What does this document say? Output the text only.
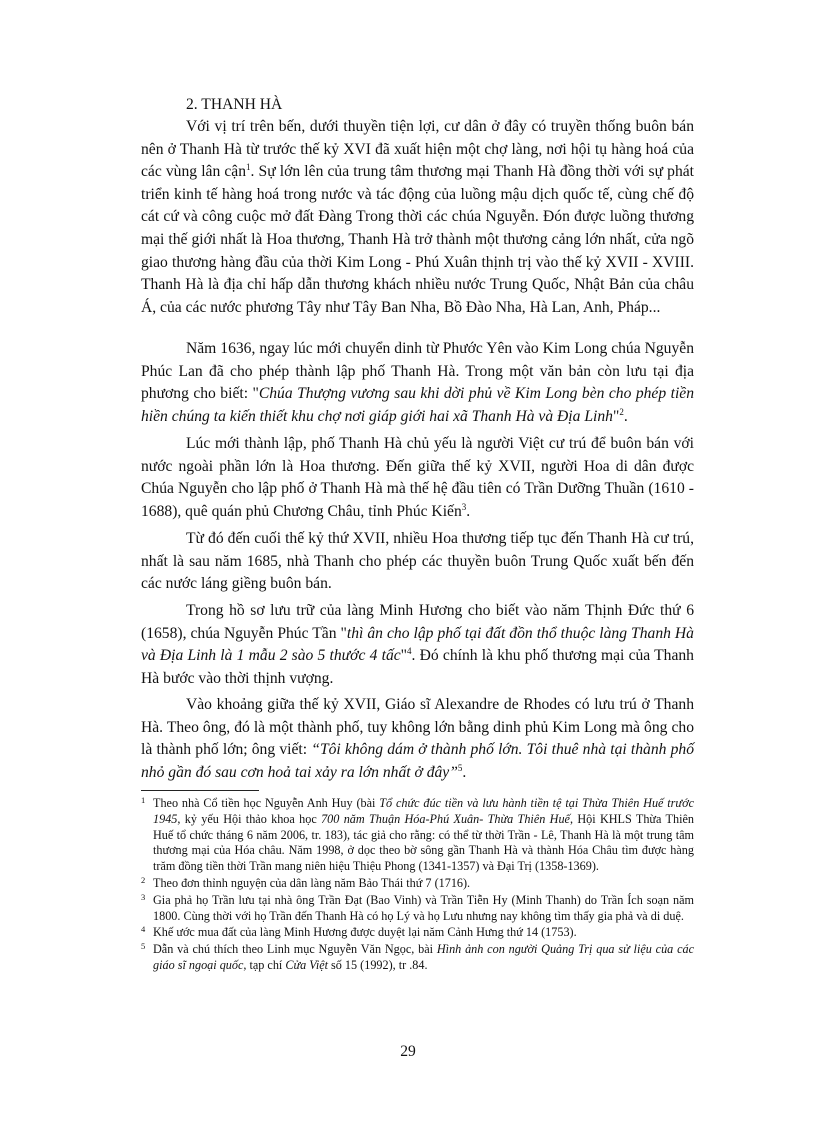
2. THANH HÀ

Với vị trí trên bến, dưới thuyền tiện lợi, cư dân ở đây có truyền thống buôn bán nên ở Thanh Hà từ trước thế kỷ XVI đã xuất hiện một chợ làng, nơi hội tụ hàng hoá của các vùng lân cận$^1$. Sự lớn lên của trung tâm thương mại Thanh Hà đồng thời với sự phát triển kinh tế hàng hoá trong nước và tác động của luồng mậu dịch quốc tế, cùng chế độ cát cứ và công cuộc mở đất Đàng Trong thời các chúa Nguyễn. Đón được luồng thương mại thế giới nhất là Hoa thương, Thanh Hà trở thành một thương cảng lớn nhất, cửa ngõ giao thương hàng đầu của thời Kim Long - Phú Xuân thịnh trị vào thế kỷ XVII - XVIII. Thanh Hà là địa chỉ hấp dẫn thương khách nhiều nước Trung Quốc, Nhật Bản của châu Á, của các nước phương Tây như Tây Ban Nha, Bồ Đào Nha, Hà Lan, Anh, Pháp...

Năm 1636, ngay lúc mới chuyển dinh từ Phước Yên vào Kim Long chúa Nguyễn Phúc Lan đã cho phép thành lập phố Thanh Hà. Trong một văn bản còn lưu tại địa phương cho biết: "Chúa Thượng vương sau khi dời phủ về Kim Long bèn cho phép tiền hiền chúng ta kiến thiết khu chợ nơi giáp giới hai xã Thanh Hà và Địa Linh"$^2$.

Lúc mới thành lập, phố Thanh Hà chủ yếu là người Việt cư trú để buôn bán với nước ngoài phần lớn là Hoa thương. Đến giữa thế kỷ XVII, người Hoa di dân được Chúa Nguyễn cho lập phố ở Thanh Hà mà thế hệ đầu tiên có Trần Dưỡng Thuần (1610 - 1688), quê quán phủ Chương Châu, tỉnh Phúc Kiến$^3$.

Từ đó đến cuối thế kỷ thứ XVII, nhiều Hoa thương tiếp tục đến Thanh Hà cư trú, nhất là sau năm 1685, nhà Thanh cho phép các thuyền buôn Trung Quốc xuất bến đến các nước láng giềng buôn bán.

Trong hồ sơ lưu trữ của làng Minh Hương cho biết vào năm Thịnh Đức thứ 6 (1658), chúa Nguyễn Phúc Tần "thì ân cho lập phố tại đất đồn thổ thuộc làng Thanh Hà và Địa Linh là 1 mẫu 2 sào 5 thước 4 tấc"$^4$. Đó chính là khu phố thương mại của Thanh Hà bước vào thời thịnh vượng.

Vào khoảng giữa thế kỷ XVII, Giáo sĩ Alexandre de Rhodes có lưu trú ở Thanh Hà. Theo ông, đó là một thành phố, tuy không lớn bằng dinh phủ Kim Long mà ông cho là thành phố lớn; ông viết: “Tôi không dám ở thành phố lớn. Tôi thuê nhà tại thành phố nhỏ gần đó sau cơn hoả tai xảy ra lớn nhất ở đây”$^5$.

1 Theo nhà Cổ tiền học Nguyễn Anh Huy (bài Tổ chức đúc tiền và lưu hành tiền tệ tại Thừa Thiên Huế trước 1945, kỷ yếu Hội thảo khoa học 700 năm Thuận Hóa-Phú Xuân- Thừa Thiên Huế, Hội KHLS Thừa Thiên Huế tổ chức tháng 6 năm 2006, tr. 183), tác giả cho rằng: có thể từ thời Trần - Lê, Thanh Hà là một trung tâm thương mại của Hóa châu. Năm 1998, ở dọc theo bờ sông gần Thanh Hà và thành Hóa Châu tìm được hàng trăm đồng tiền thời Trần mang niên hiệu Thiệu Phong (1341-1357) và Đại Trị (1358-1369).

2 Theo đơn thỉnh nguyện của dân làng năm Bảo Thái thứ 7 (1716).

3 Gia phả họ Trần lưu tại nhà ông Trần Đạt (Bao Vinh) và Trần Tiễn Hy (Minh Thanh) do Trần Ích soạn năm 1800. Cùng thời với họ Trần đến Thanh Hà có họ Lý và họ Lưu nhưng nay không tìm thấy gia phả và di duệ.

4 Khế ước mua đất của làng Minh Hương được duyệt lại năm Cảnh Hưng thứ 14 (1753).

5 Dẫn và chú thích theo Linh mục Nguyễn Văn Ngọc, bài Hình ảnh con người Quảng Trị qua sử liệu của các giáo sĩ ngoại quốc, tạp chí Cửa Việt số 15 (1992), tr .84.

29
